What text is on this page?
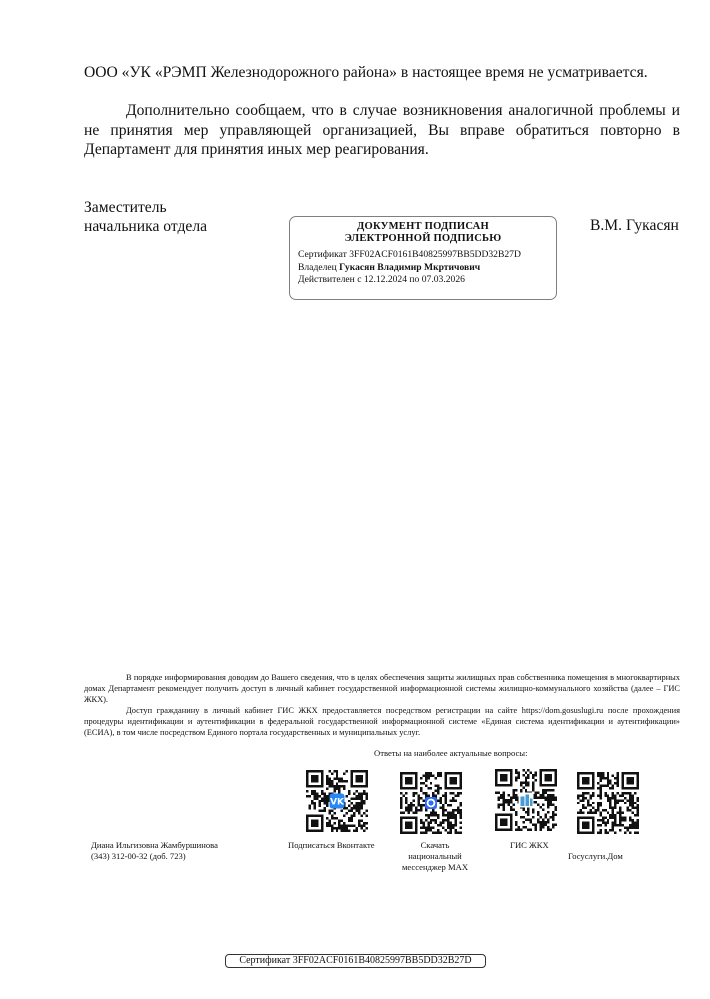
ООО «УК «РЭМП Железнодорожного района» в настоящее время не усматривается.

Дополнительно сообщаем, что в случае возникновения аналогичной проблемы и не принятия мер управляющей организацией, Вы вправе обратиться повторно в Департамент для принятия иных мер реагирования.

Заместитель
начальника отдела	В.М. Гукасян
ДОКУМЕНТ ПОДПИСАН
ЭЛЕКТРОННОЙ ПОДПИСЬЮ
Сертификат 3FF02ACF0161B40825997BB5DD32B27D
Владелец Гукасян Владимир Мкртичович
Действителен с 12.12.2024 по 07.03.2026

В порядке информирования доводим до Вашего сведения, что в целях обеспечения защиты жилищных прав собственника помещения в многоквартирных домах Департамент рекомендует получить доступ в личный кабинет государственной информационной системы жилищно-коммунального хозяйства (далее – ГИС ЖКХ).

Доступ гражданину в личный кабинет ГИС ЖКХ предоставляется посредством регистрации на сайте https://dom.gosuslugi.ru после прохождения процедуры идентификации и аутентификации в федеральной государственной информационной системе «Единая система идентификации и аутентификации» (ЕСИА), в том числе посредством Единого портала государственных и муниципальных услуг.

Ответы на наиболее актуальные вопросы:
VK
Диана Ильгизовна Жамбуршинова
(343) 312-00-32 (доб. 723)
Подписаться Вконтакте	Скачать
национальный
мессенджер MAX
ГИС ЖКХ
Госуслуги.Дом
Сертификат 3FF02ACF0161B40825997BB5DD32B27D
